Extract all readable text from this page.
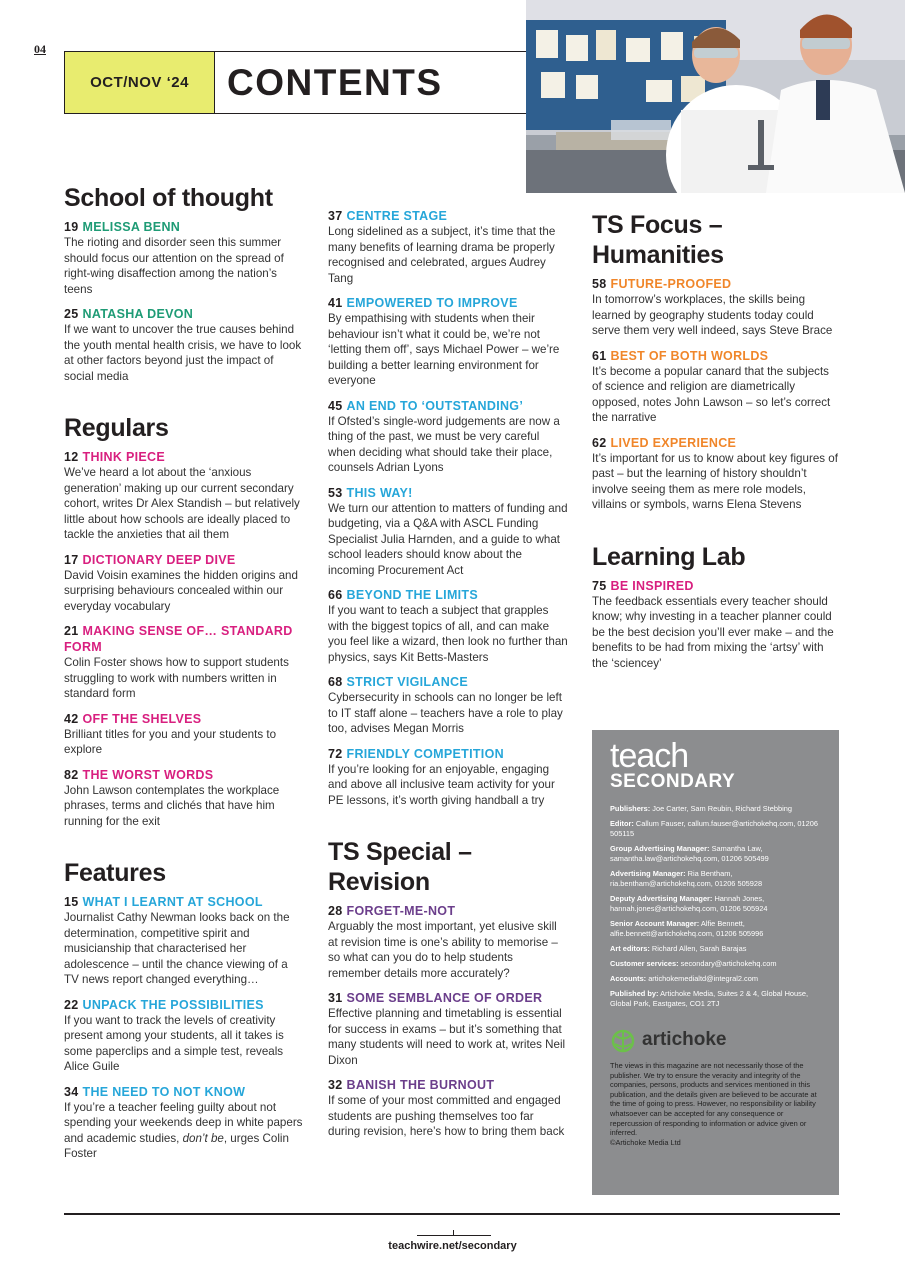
04
OCT/NOV ‘24	CONTENTS
School of thought
19 MELISSA BENN
The rioting and disorder seen this summer should focus our attention on the spread of right-wing disaffection among the nation’s teens
25 NATASHA DEVON
If we want to uncover the true causes behind the youth mental health crisis, we have to look at other factors beyond just the impact of social media
Regulars
12 THINK PIECE
We’ve heard a lot about the ‘anxious generation’ making up our current secondary cohort, writes Dr Alex Standish – but relatively little about how schools are ideally placed to tackle the anxieties that ail them
17 DICTIONARY DEEP DIVE
David Voisin examines the hidden origins and surprising behaviours concealed within our everyday vocabulary
21 MAKING SENSE OF… STANDARD FORM
Colin Foster shows how to support students struggling to work with numbers written in standard form
42 OFF THE SHELVES
Brilliant titles for you and your students to explore
82 THE WORST WORDS
John Lawson contemplates the workplace phrases, terms and clichés that have him running for the exit
Features
15 WHAT I LEARNT AT SCHOOL
Journalist Cathy Newman looks back on the determination, competitive spirit and musicianship that characterised her adolescence – until the chance viewing of a TV news report changed everything…
22 UNPACK THE POSSIBILITIES
If you want to track the levels of creativity present among your students, all it takes is some paperclips and a simple test, reveals Alice Guile
34 THE NEED TO NOT KNOW
If you’re a teacher feeling guilty about not spending your weekends deep in white papers and academic studies, don’t be, urges Colin Foster
37 CENTRE STAGE
Long sidelined as a subject, it’s time that the many benefits of learning drama be properly recognised and celebrated, argues Audrey Tang
41 EMPOWERED TO IMPROVE
By empathising with students when their behaviour isn’t what it could be, we’re not ‘letting them off’, says Michael Power – we’re building a better learning environment for everyone
45 AN END TO ‘OUTSTANDING’
If Ofsted’s single-word judgements are now a thing of the past, we must be very careful when deciding what should take their place, counsels Adrian Lyons
53 THIS WAY!
We turn our attention to matters of funding and budgeting, via a Q&A with ASCL Funding Specialist Julia Harnden, and a guide to what school leaders should know about the incoming Procurement Act
66 BEYOND THE LIMITS
If you want to teach a subject that grapples with the biggest topics of all, and can make you feel like a wizard, then look no further than physics, says Kit Betts-Masters
68 STRICT VIGILANCE
Cybersecurity in schools can no longer be left to IT staff alone – teachers have a role to play too, advises Megan Morris
72 FRIENDLY COMPETITION
If you’re looking for an enjoyable, engaging and above all inclusive team activity for your PE lessons, it’s worth giving handball a try
TS Special – Revision
28 FORGET-ME-NOT
Arguably the most important, yet elusive skill at revision time is one’s ability to memorise – so what can you do to help students remember details more accurately?
31 SOME SEMBLANCE OF ORDER
Effective planning and timetabling is essential for success in exams – but it’s something that many students will need to work at, writes Neil Dixon
32 BANISH THE BURNOUT
If some of your most committed and engaged students are pushing themselves too far during revision, here’s how to bring them back
TS Focus – Humanities
58 FUTURE-PROOFED
In tomorrow’s workplaces, the skills being learned by geography students today could serve them very well indeed, says Steve Brace
61 BEST OF BOTH WORLDS
It’s become a popular canard that the subjects of science and religion are diametrically opposed, notes John Lawson – so let’s correct the narrative
62 LIVED EXPERIENCE
It’s important for us to know about key figures of past – but the learning of history shouldn’t involve seeing them as mere role models, villains or symbols, warns Elena Stevens
Learning Lab
75 BE INSPIRED
The feedback essentials every teacher should know; why investing in a teacher planner could be the best decision you’ll ever make – and the benefits to be had from mixing the ‘artsy’ with the ‘sciencey’
teach
SECONDARY
Publishers: Joe Carter, Sam Reubin, Richard Stebbing
Editor: Callum Fauser, callum.fauser@artichokehq.com, 01206 505115
Group Advertising Manager: Samantha Law, samantha.law@artichokehq.com, 01206 505499
Advertising Manager: Ria Bentham, ria.bentham@artichokehq.com, 01206 505928
Deputy Advertising Manager: Hannah Jones, hannah.jones@artichokehq.com, 01206 505924
Senior Account Manager: Alfie Bennett, alfie.bennett@artichokehq.com, 01206 505996
Art editors: Richard Allen, Sarah Barajas
Customer services: secondary@artichokehq.com
Accounts: artichokemedialtd@integral2.com
Published by: Artichoke Media, Suites 2 & 4, Global House, Global Park, Eastgates, CO1 2TJ
artichoke
The views in this magazine are not necessarily those of the publisher. We try to ensure the veracity and integrity of the companies, persons, products and services mentioned in this publication, and the details given are believed to be accurate at the time of going to press. However, no responsibility or liability whatsoever can be accepted for any consequence or repercussion of responding to information or advice given or inferred.
©Artichoke Media Ltd
teachwire.net/secondary
